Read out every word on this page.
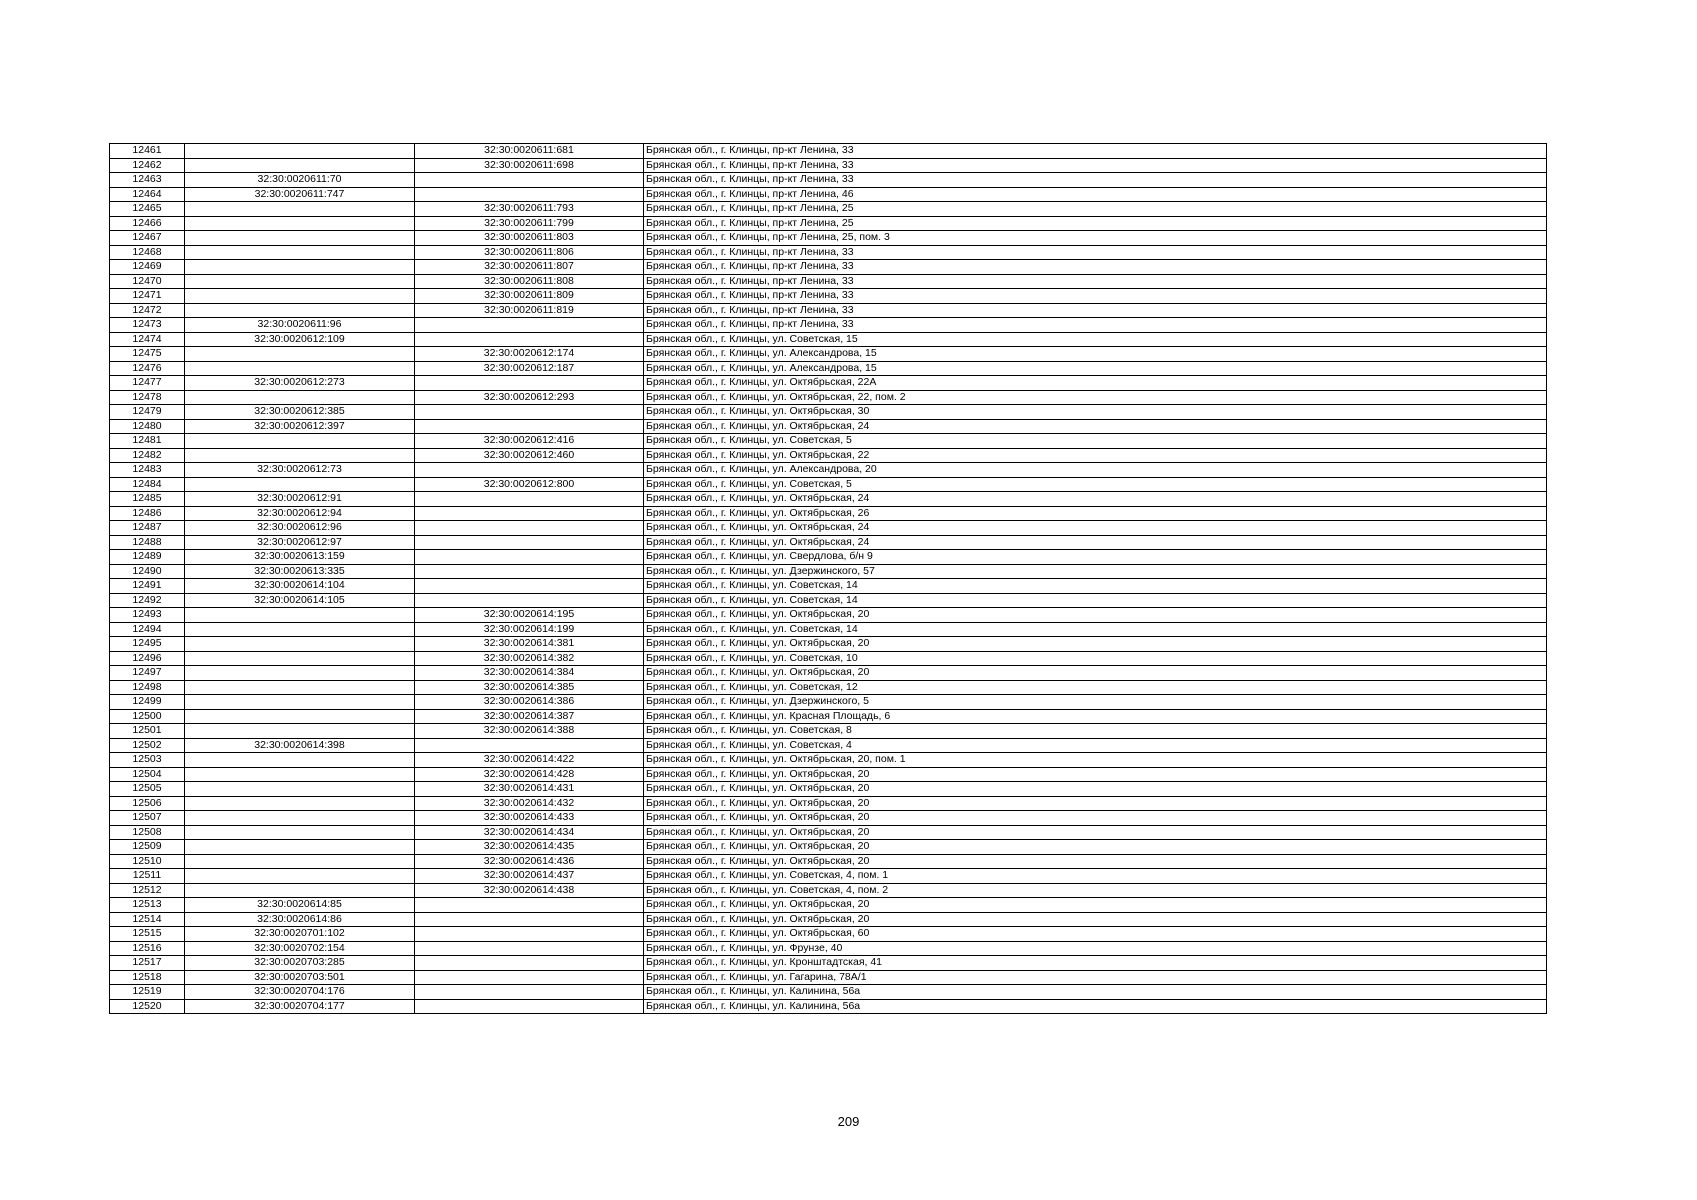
12461		32:30:0020611:681	Брянская обл., г. Клинцы, пр-кт Ленина, 33
12462		32:30:0020611:698	Брянская обл., г. Клинцы, пр-кт Ленина, 33
12463	32:30:0020611:70		Брянская обл., г. Клинцы, пр-кт Ленина, 33
12464	32:30:0020611:747		Брянская обл., г. Клинцы, пр-кт Ленина, 46
12465		32:30:0020611:793	Брянская обл., г. Клинцы, пр-кт Ленина, 25
12466		32:30:0020611:799	Брянская обл., г. Клинцы, пр-кт Ленина, 25
12467		32:30:0020611:803	Брянская обл., г. Клинцы, пр-кт Ленина, 25, пом. 3
12468		32:30:0020611:806	Брянская обл., г. Клинцы, пр-кт Ленина, 33
12469		32:30:0020611:807	Брянская обл., г. Клинцы, пр-кт Ленина, 33
12470		32:30:0020611:808	Брянская обл., г. Клинцы, пр-кт Ленина, 33
12471		32:30:0020611:809	Брянская обл., г. Клинцы, пр-кт Ленина, 33
12472		32:30:0020611:819	Брянская обл., г. Клинцы, пр-кт Ленина, 33
12473	32:30:0020611:96		Брянская обл., г. Клинцы, пр-кт Ленина, 33
12474	32:30:0020612:109		Брянская обл., г. Клинцы, ул. Советская, 15
12475		32:30:0020612:174	Брянская обл., г. Клинцы, ул. Александрова, 15
12476		32:30:0020612:187	Брянская обл., г. Клинцы, ул. Александрова, 15
12477	32:30:0020612:273		Брянская обл., г. Клинцы, ул. Октябрьская, 22А
12478		32:30:0020612:293	Брянская обл., г. Клинцы, ул. Октябрьская, 22, пом. 2
12479	32:30:0020612:385		Брянская обл., г. Клинцы, ул. Октябрьская, 30
12480	32:30:0020612:397		Брянская обл., г. Клинцы, ул. Октябрьская, 24
12481		32:30:0020612:416	Брянская обл., г. Клинцы, ул. Советская, 5
12482		32:30:0020612:460	Брянская обл., г. Клинцы, ул. Октябрьская, 22
12483	32:30:0020612:73		Брянская обл., г. Клинцы, ул. Александрова, 20
12484		32:30:0020612:800	Брянская обл., г. Клинцы, ул. Советская, 5
12485	32:30:0020612:91		Брянская обл., г. Клинцы, ул. Октябрьская, 24
12486	32:30:0020612:94		Брянская обл., г. Клинцы, ул. Октябрьская, 26
12487	32:30:0020612:96		Брянская обл., г. Клинцы, ул. Октябрьская, 24
12488	32:30:0020612:97		Брянская обл., г. Клинцы, ул. Октябрьская, 24
12489	32:30:0020613:159		Брянская обл., г. Клинцы, ул. Свердлова, б/н 9
12490	32:30:0020613:335		Брянская обл., г. Клинцы, ул. Дзержинского, 57
12491	32:30:0020614:104		Брянская обл., г. Клинцы, ул. Советская, 14
12492	32:30:0020614:105		Брянская обл., г. Клинцы, ул. Советская, 14
12493		32:30:0020614:195	Брянская обл., г. Клинцы, ул. Октябрьская, 20
12494		32:30:0020614:199	Брянская обл., г. Клинцы, ул. Советская, 14
12495		32:30:0020614:381	Брянская обл., г. Клинцы, ул. Октябрьская, 20
12496		32:30:0020614:382	Брянская обл., г. Клинцы, ул. Советская, 10
12497		32:30:0020614:384	Брянская обл., г. Клинцы, ул. Октябрьская, 20
12498		32:30:0020614:385	Брянская обл., г. Клинцы, ул. Советская, 12
12499		32:30:0020614:386	Брянская обл., г. Клинцы, ул. Дзержинского, 5
12500		32:30:0020614:387	Брянская обл., г. Клинцы, ул. Красная Площадь, 6
12501		32:30:0020614:388	Брянская обл., г. Клинцы, ул. Советская, 8
12502	32:30:0020614:398		Брянская обл., г. Клинцы, ул. Советская, 4
12503		32:30:0020614:422	Брянская обл., г. Клинцы, ул. Октябрьская, 20, пом. 1
12504		32:30:0020614:428	Брянская обл., г. Клинцы, ул. Октябрьская, 20
12505		32:30:0020614:431	Брянская обл., г. Клинцы, ул. Октябрьская, 20
12506		32:30:0020614:432	Брянская обл., г. Клинцы, ул. Октябрьская, 20
12507		32:30:0020614:433	Брянская обл., г. Клинцы, ул. Октябрьская, 20
12508		32:30:0020614:434	Брянская обл., г. Клинцы, ул. Октябрьская, 20
12509		32:30:0020614:435	Брянская обл., г. Клинцы, ул. Октябрьская, 20
12510		32:30:0020614:436	Брянская обл., г. Клинцы, ул. Октябрьская, 20
12511		32:30:0020614:437	Брянская обл., г. Клинцы, ул. Советская, 4, пом. 1
12512		32:30:0020614:438	Брянская обл., г. Клинцы, ул. Советская, 4, пом. 2
12513	32:30:0020614:85		Брянская обл., г. Клинцы, ул. Октябрьская, 20
12514	32:30:0020614:86		Брянская обл., г. Клинцы, ул. Октябрьская, 20
12515	32:30:0020701:102		Брянская обл., г. Клинцы, ул. Октябрьская, 60
12516	32:30:0020702:154		Брянская обл., г. Клинцы, ул. Фрунзе, 40
12517	32:30:0020703:285		Брянская обл., г. Клинцы, ул. Кронштадтская, 41
12518	32:30:0020703:501		Брянская обл., г. Клинцы, ул. Гагарина, 78А/1
12519	32:30:0020704:176		Брянская обл., г. Клинцы, ул. Калинина, 56а
12520	32:30:0020704:177		Брянская обл., г. Клинцы, ул. Калинина, 56а
209
